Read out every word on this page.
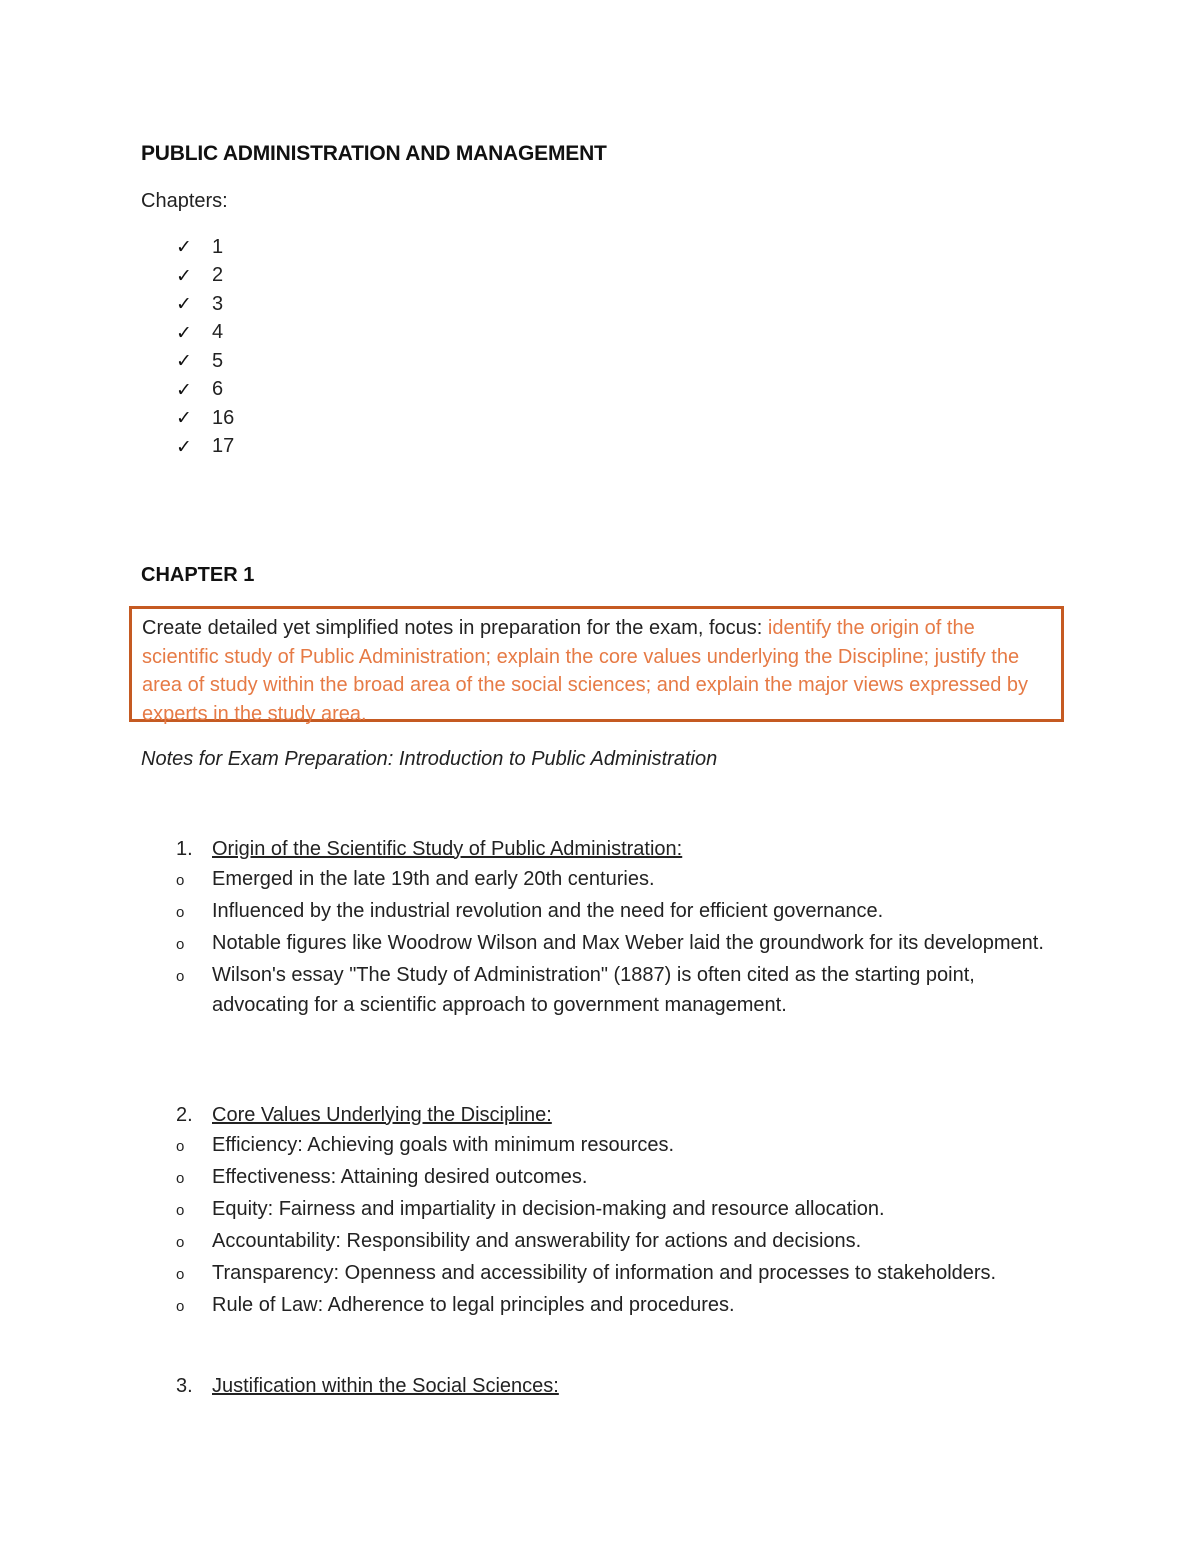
PUBLIC ADMINISTRATION AND MANAGEMENT
Chapters:
✓	1
✓	2
✓	3
✓	4
✓	5
✓	6
✓	16
✓	17
CHAPTER 1
Create detailed yet simplified notes in preparation for the exam, focus: identify the origin of the scientific study of Public Administration; explain the core values underlying the Discipline; justify the area of study within the broad area of the social sciences; and explain the major views expressed by experts in the study area.
Notes for Exam Preparation: Introduction to Public Administration
1. Origin of the Scientific Study of Public Administration:
o	Emerged in the late 19th and early 20th centuries.
o	Influenced by the industrial revolution and the need for efficient governance.
o	Notable figures like Woodrow Wilson and Max Weber laid the groundwork for its development.
o	Wilson's essay "The Study of Administration" (1887) is often cited as the starting point, advocating for a scientific approach to government management.
2. Core Values Underlying the Discipline:
o	Efficiency: Achieving goals with minimum resources.
o	Effectiveness: Attaining desired outcomes.
o	Equity: Fairness and impartiality in decision-making and resource allocation.
o	Accountability: Responsibility and answerability for actions and decisions.
o	Transparency: Openness and accessibility of information and processes to stakeholders.
o	Rule of Law: Adherence to legal principles and procedures.
3. Justification within the Social Sciences:
